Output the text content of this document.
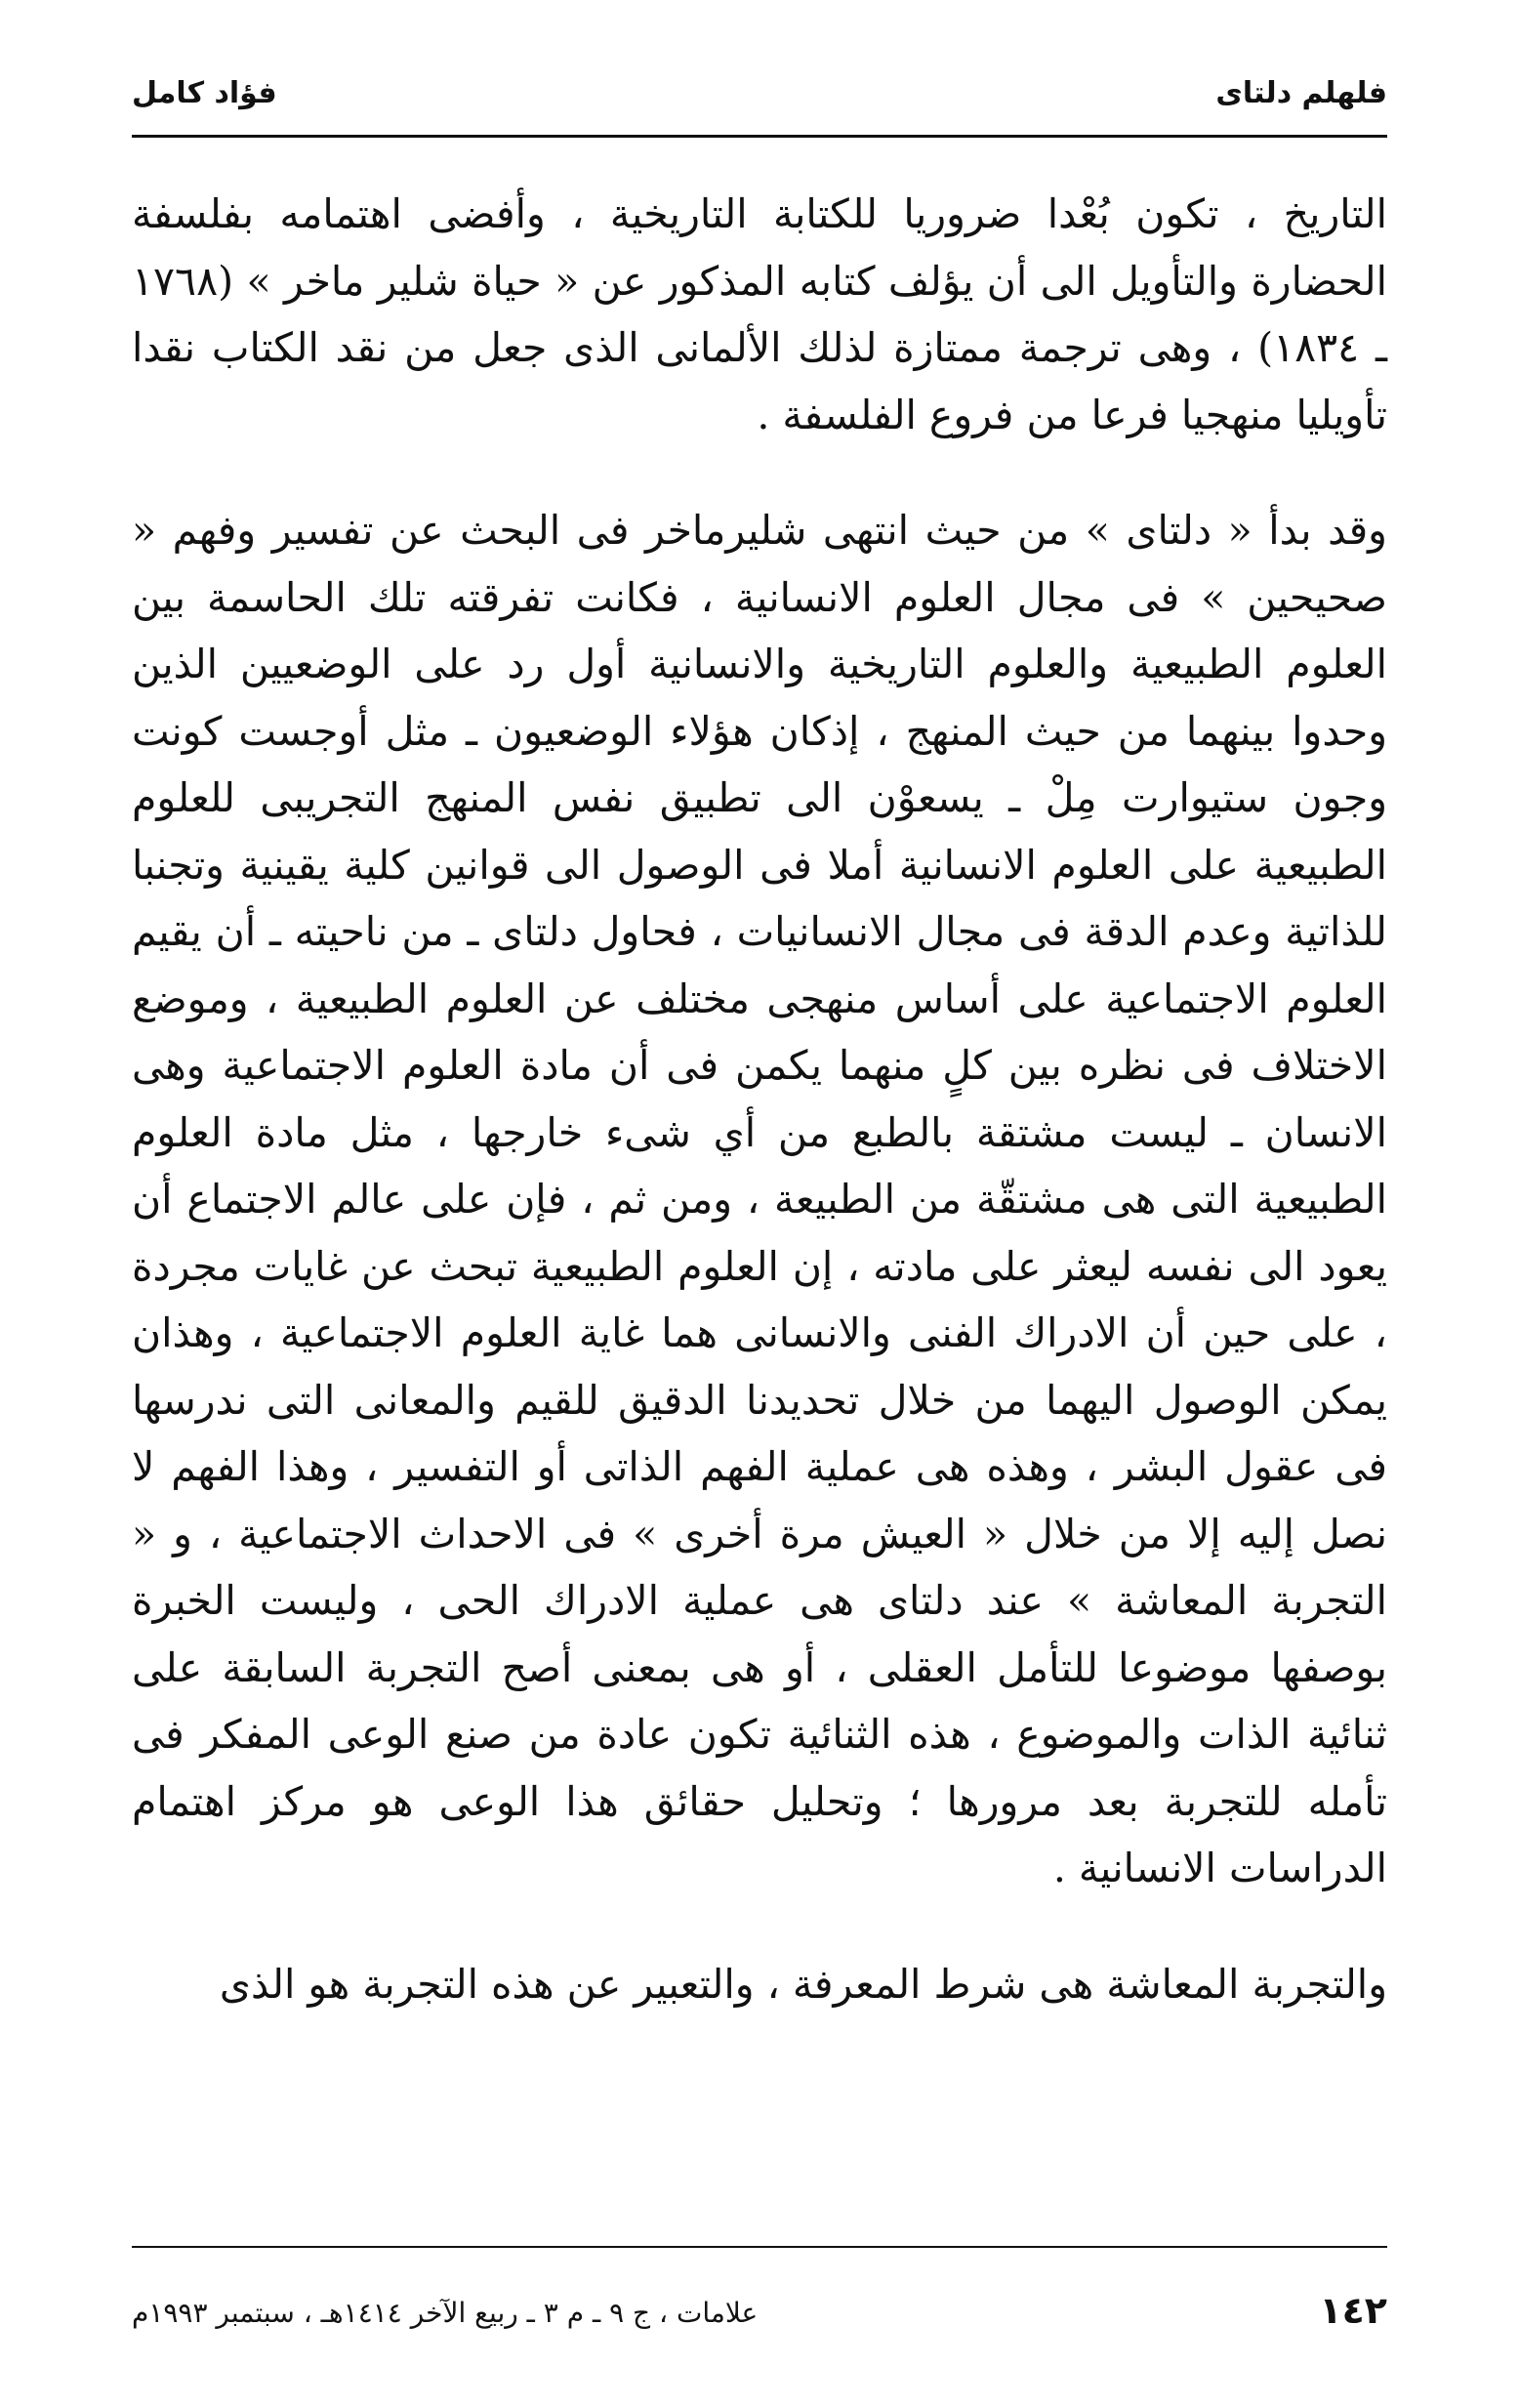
فلهلم دلتاى
فؤاد كامل

التاريخ ، تكون بُعْدا ضروريا للكتابة التاريخية ، وأفضى اهتمامه بفلسفة الحضارة والتأويل الى أن يؤلف كتابه المذكور عن « حياة شلير ماخر » (١٧٦٨ ـ ١٨٣٤) ، وهى ترجمة ممتازة لذلك الألمانى الذى جعل من نقد الكتاب نقدا تأويليا منهجيا فرعا من فروع الفلسفة .

وقد بدأ « دلتاى » من حيث انتهى شليرماخر فى البحث عن تفسير وفهم « صحيحين » فى مجال العلوم الانسانية ، فكانت تفرقته تلك الحاسمة بين العلوم الطبيعية والعلوم التاريخية والانسانية أول رد على الوضعيين الذين وحدوا بينهما من حيث المنهج ، إذكان هؤلاء الوضعيون ـ مثل أوجست كونت وجون ستيوارت مِلْ ـ يسعوْن الى تطبيق نفس المنهج التجريبى للعلوم الطبيعية على العلوم الانسانية أملا فى الوصول الى قوانين كلية يقينية وتجنبا للذاتية وعدم الدقة فى مجال الانسانيات ، فحاول دلتاى ـ من ناحيته ـ أن يقيم العلوم الاجتماعية على أساس منهجى مختلف عن العلوم الطبيعية ، وموضع الاختلاف فى نظره بين كلٍ منهما يكمن فى أن مادة العلوم الاجتماعية وهى الانسان ـ ليست مشتقة بالطبع من أي شىء خارجها ، مثل مادة العلوم الطبيعية التى هى مشتقّة من الطبيعة ، ومن ثم ، فإن على عالم الاجتماع أن يعود الى نفسه ليعثر على مادته ، إن العلوم الطبيعية تبحث عن غايات مجردة ، على حين أن الادراك الفنى والانسانى هما غاية العلوم الاجتماعية ، وهذان يمكن الوصول اليهما من خلال تحديدنا الدقيق للقيم والمعانى التى ندرسها فى عقول البشر ، وهذه هى عملية الفهم الذاتى أو التفسير ، وهذا الفهم لا نصل إليه إلا من خلال « العيش مرة أخرى » فى الاحداث الاجتماعية ، و « التجربة المعاشة » عند دلتاى هى عملية الادراك الحى ، وليست الخبرة بوصفها موضوعا للتأمل العقلى ، أو هى بمعنى أصح التجربة السابقة على ثنائية الذات والموضوع ، هذه الثنائية تكون عادة من صنع الوعى المفكر فى تأمله للتجربة بعد مرورها ؛ وتحليل حقائق هذا الوعى هو مركز اهتمام الدراسات الانسانية .

والتجربة المعاشة هى شرط المعرفة ، والتعبير عن هذه التجربة هو الذى

١٤٢
علامات ، ج ٩ ـ م ٣ ـ ربيع الآخر ١٤١٤هـ ، سبتمبر ١٩٩٣م
